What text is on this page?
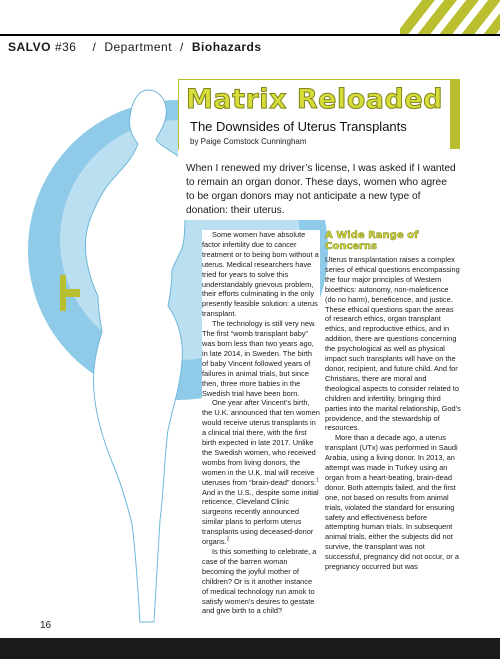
SALVO #36 / Department / Biohazards
Matrix Reloaded
The Downsides of Uterus Transplants
by Paige Comstock Cunningham
When I renewed my driver’s license, I was asked if I wanted to remain an organ donor. These days, women who agree to be organ donors may not anticipate a new type of donation: their uterus.

Some women have absolute factor infertility due to cancer treatment or to being born without a uterus. Medical researchers have tried for years to solve this understandably grievous problem, their efforts culminating in the only presently feasible solution: a uterus transplant.

The technology is still very new. The first “womb transplant baby” was born less than two years ago, in late 2014, in Sweden. The birth of baby Vincent followed years of failures in animal trials, but since then, three more babies in the Swedish trial have been born.

One year after Vincent’s birth, the U.K. announced that ten women would receive uterus transplants in a clinical trial there, with the first birth expected in late 2017. Unlike the Swedish women, who received wombs from living donors, the women in the U.K. trial will receive uteruses from “brain-dead” donors.$^1$ And in the U.S., despite some initial reticence, Cleveland Clinic surgeons recently announced similar plans to perform uterus transplants using deceased-donor organs.$^2$

Is this something to celebrate, a case of the barren woman becoming the joyful mother of children? Or is it another instance of medical technology run amok to satisfy women’s desires to gestate and give birth to a child?

A Wide Range of Concerns

Uterus transplantation raises a complex series of ethical questions encompassing the four major principles of Western bioethics: autonomy, non-maleficence (do no harm), beneficence, and justice. These ethical questions span the areas of research ethics, organ transplant ethics, and reproductive ethics, and in addition, there are questions concerning the psychological as well as physical impact such transplants will have on the donor, recipient, and future child. And for Christians, there are moral and theological aspects to consider related to children and infertility, bringing third parties into the marital relationship, God’s providence, and the stewardship of resources.

More than a decade ago, a uterus transplant (UTx) was performed in Saudi Arabia, using a living donor. In 2013, an attempt was made in Turkey using an organ from a heart-beating, brain-dead donor. Both attempts failed, and the first one, not based on results from animal trials, violated the standard for ensuring safety and effectiveness before attempting human trials. In subsequent animal trials, either the subjects did not survive, the transplant was not successful, pregnancy did not occur, or a pregnancy occurred but was

16
